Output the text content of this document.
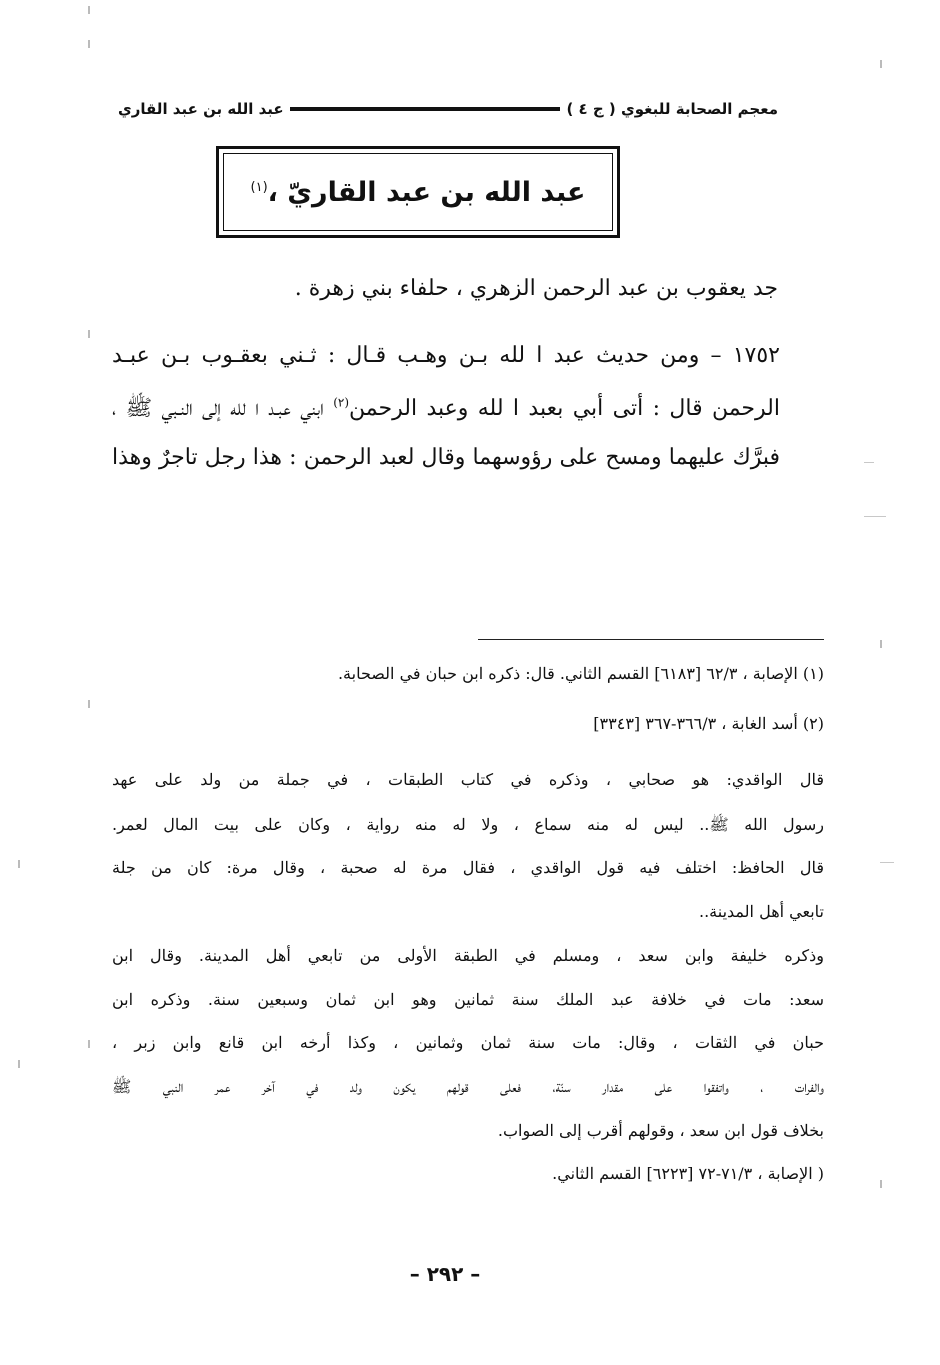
معجم الصحابة للبغوي ( ج ٤ )
عبد الله بن عبد القاري
عبد الله بن عبد القاريّ ،$^{(١)}$
جد يعقوب بن عبد الرحمن الزهري ، حلفاء بني زهرة .
١٧٥٢ – ومن حديث عبد ا لله بـن وهـب قـال : ثـني بعقـوب بـن عبـد
الرحمن قال : أتى أبي بعبد ا لله وعبد الرحمن$^{(٢)}$ ابني عبـد ا لله إلى النـبي ﷺ ،
فبرَّك عليهما ومسح على رؤوسهما وقال لعبد الرحمن : هذا رجل تاجرٌ وهذا
(١) الإصابة ، ٦٢/٣ [٦١٨٣] القسم الثاني. قال: ذكره ابن حبان في الصحابة.
(٢) أسد الغابة ، ٣٦٦/٣-٣٦٧ [٣٣٤٣]
قال الواقدي: هو صحابي ، وذكره في كتاب الطبقات ، في جملة من ولد على عهد
رسول الله ﷺ.. ليس له منه سماع ، ولا له منه رواية ، وكان على بيت المال لعمر.
قال الحافظ: اختلف فيه قول الواقدي ، فقال مرة له صحبة ، وقال مرة: كان من جلة
تابعي أهل المدينة..
وذكره خليفة وابن سعد ، ومسلم في الطبقة الأولى من تابعي أهل المدينة. وقال ابن
سعد: مات في خلافة عبد الملك سنة ثمانين وهو ابن ثمان وسبعين سنة. وذكره ابن
حبان في الثقات ، وقال: مات سنة ثمان وثمانين ، وكذا أرخه ابن قانع وابن زبر ،
والفرات ، واتفقوا على مقدار سنّة، فعلى قولهم يكون ولد في آخر عمر النبي ﷺ
بخلاف قول ابن سعد ، وقولهم أقرب إلى الصواب.
( الإصابة ، ٧١/٣-٧٢ [٦٢٢٣] القسم الثاني.
– ٢٩٢ –
